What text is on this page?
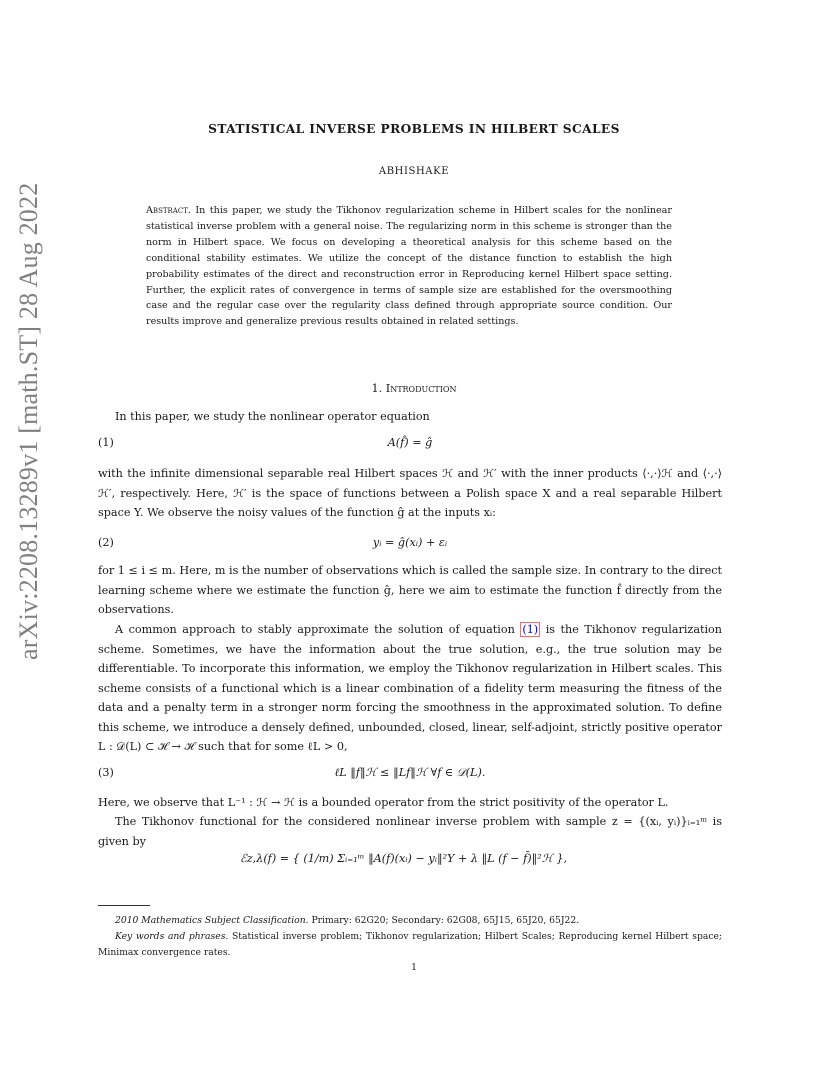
arXiv:2208.13289v1 [math.ST] 28 Aug 2022
STATISTICAL INVERSE PROBLEMS IN HILBERT SCALES
ABHISHAKE
Abstract. In this paper, we study the Tikhonov regularization scheme in Hilbert scales for the nonlinear statistical inverse problem with a general noise. The regularizing norm in this scheme is stronger than the norm in Hilbert space. We focus on developing a theoretical analysis for this scheme based on the conditional stability estimates. We utilize the concept of the distance function to establish the high probability estimates of the direct and reconstruction error in Reproducing kernel Hilbert space setting. Further, the explicit rates of convergence in terms of sample size are established for the oversmoothing case and the regular case over the regularity class defined through appropriate source condition. Our results improve and generalize previous results obtained in related settings.
1. Introduction
In this paper, we study the nonlinear operator equation
(1)	A(f̂) = ĝ
with the infinite dimensional separable real Hilbert spaces ℋ and ℋ′ with the inner products ⟨·,·⟩ℋ and ⟨·,·⟩ℋ′, respectively. Here, ℋ′ is the space of functions between a Polish space X and a real separable Hilbert space Y. We observe the noisy values of the function ĝ at the inputs xᵢ:
(2)	yᵢ = ĝ(xᵢ) + εᵢ
for 1 ≤ i ≤ m. Here, m is the number of observations which is called the sample size. In contrary to the direct learning scheme where we estimate the function ĝ, here we aim to estimate the function f̂ directly from the observations.
A common approach to stably approximate the solution of equation (1) is the Tikhonov regularization scheme. Sometimes, we have the information about the true solution, e.g., the true solution may be differentiable. To incorporate this information, we employ the Tikhonov regularization in Hilbert scales. This scheme consists of a functional which is a linear combination of a fidelity term measuring the fitness of the data and a penalty term in a stronger norm forcing the smoothness in the approximated solution. To define this scheme, we introduce a densely defined, unbounded, closed, linear, self-adjoint, strictly positive operator L : 𝒟(L) ⊂ ℋ → ℋ such that for some ℓL > 0,
(3)	ℓL ‖f‖ℋ ≤ ‖Lf‖ℋ ∀f ∈ 𝒟(L).
Here, we observe that L⁻¹ : ℋ → ℋ is a bounded operator from the strict positivity of the operator L.
The Tikhonov functional for the considered nonlinear inverse problem with sample z = {(xᵢ, yᵢ)}ᵢ₌₁ᵐ is given by
ℰz,λ(f) = { (1/m) Σᵢ₌₁ᵐ ‖A(f)(xᵢ) − yᵢ‖²Y + λ ‖L (f − f̄)‖²ℋ },
2010 Mathematics Subject Classification. Primary: 62G20; Secondary: 62G08, 65J15, 65J20, 65J22.
Key words and phrases. Statistical inverse problem; Tikhonov regularization; Hilbert Scales; Reproducing kernel Hilbert space; Minimax convergence rates.
1
